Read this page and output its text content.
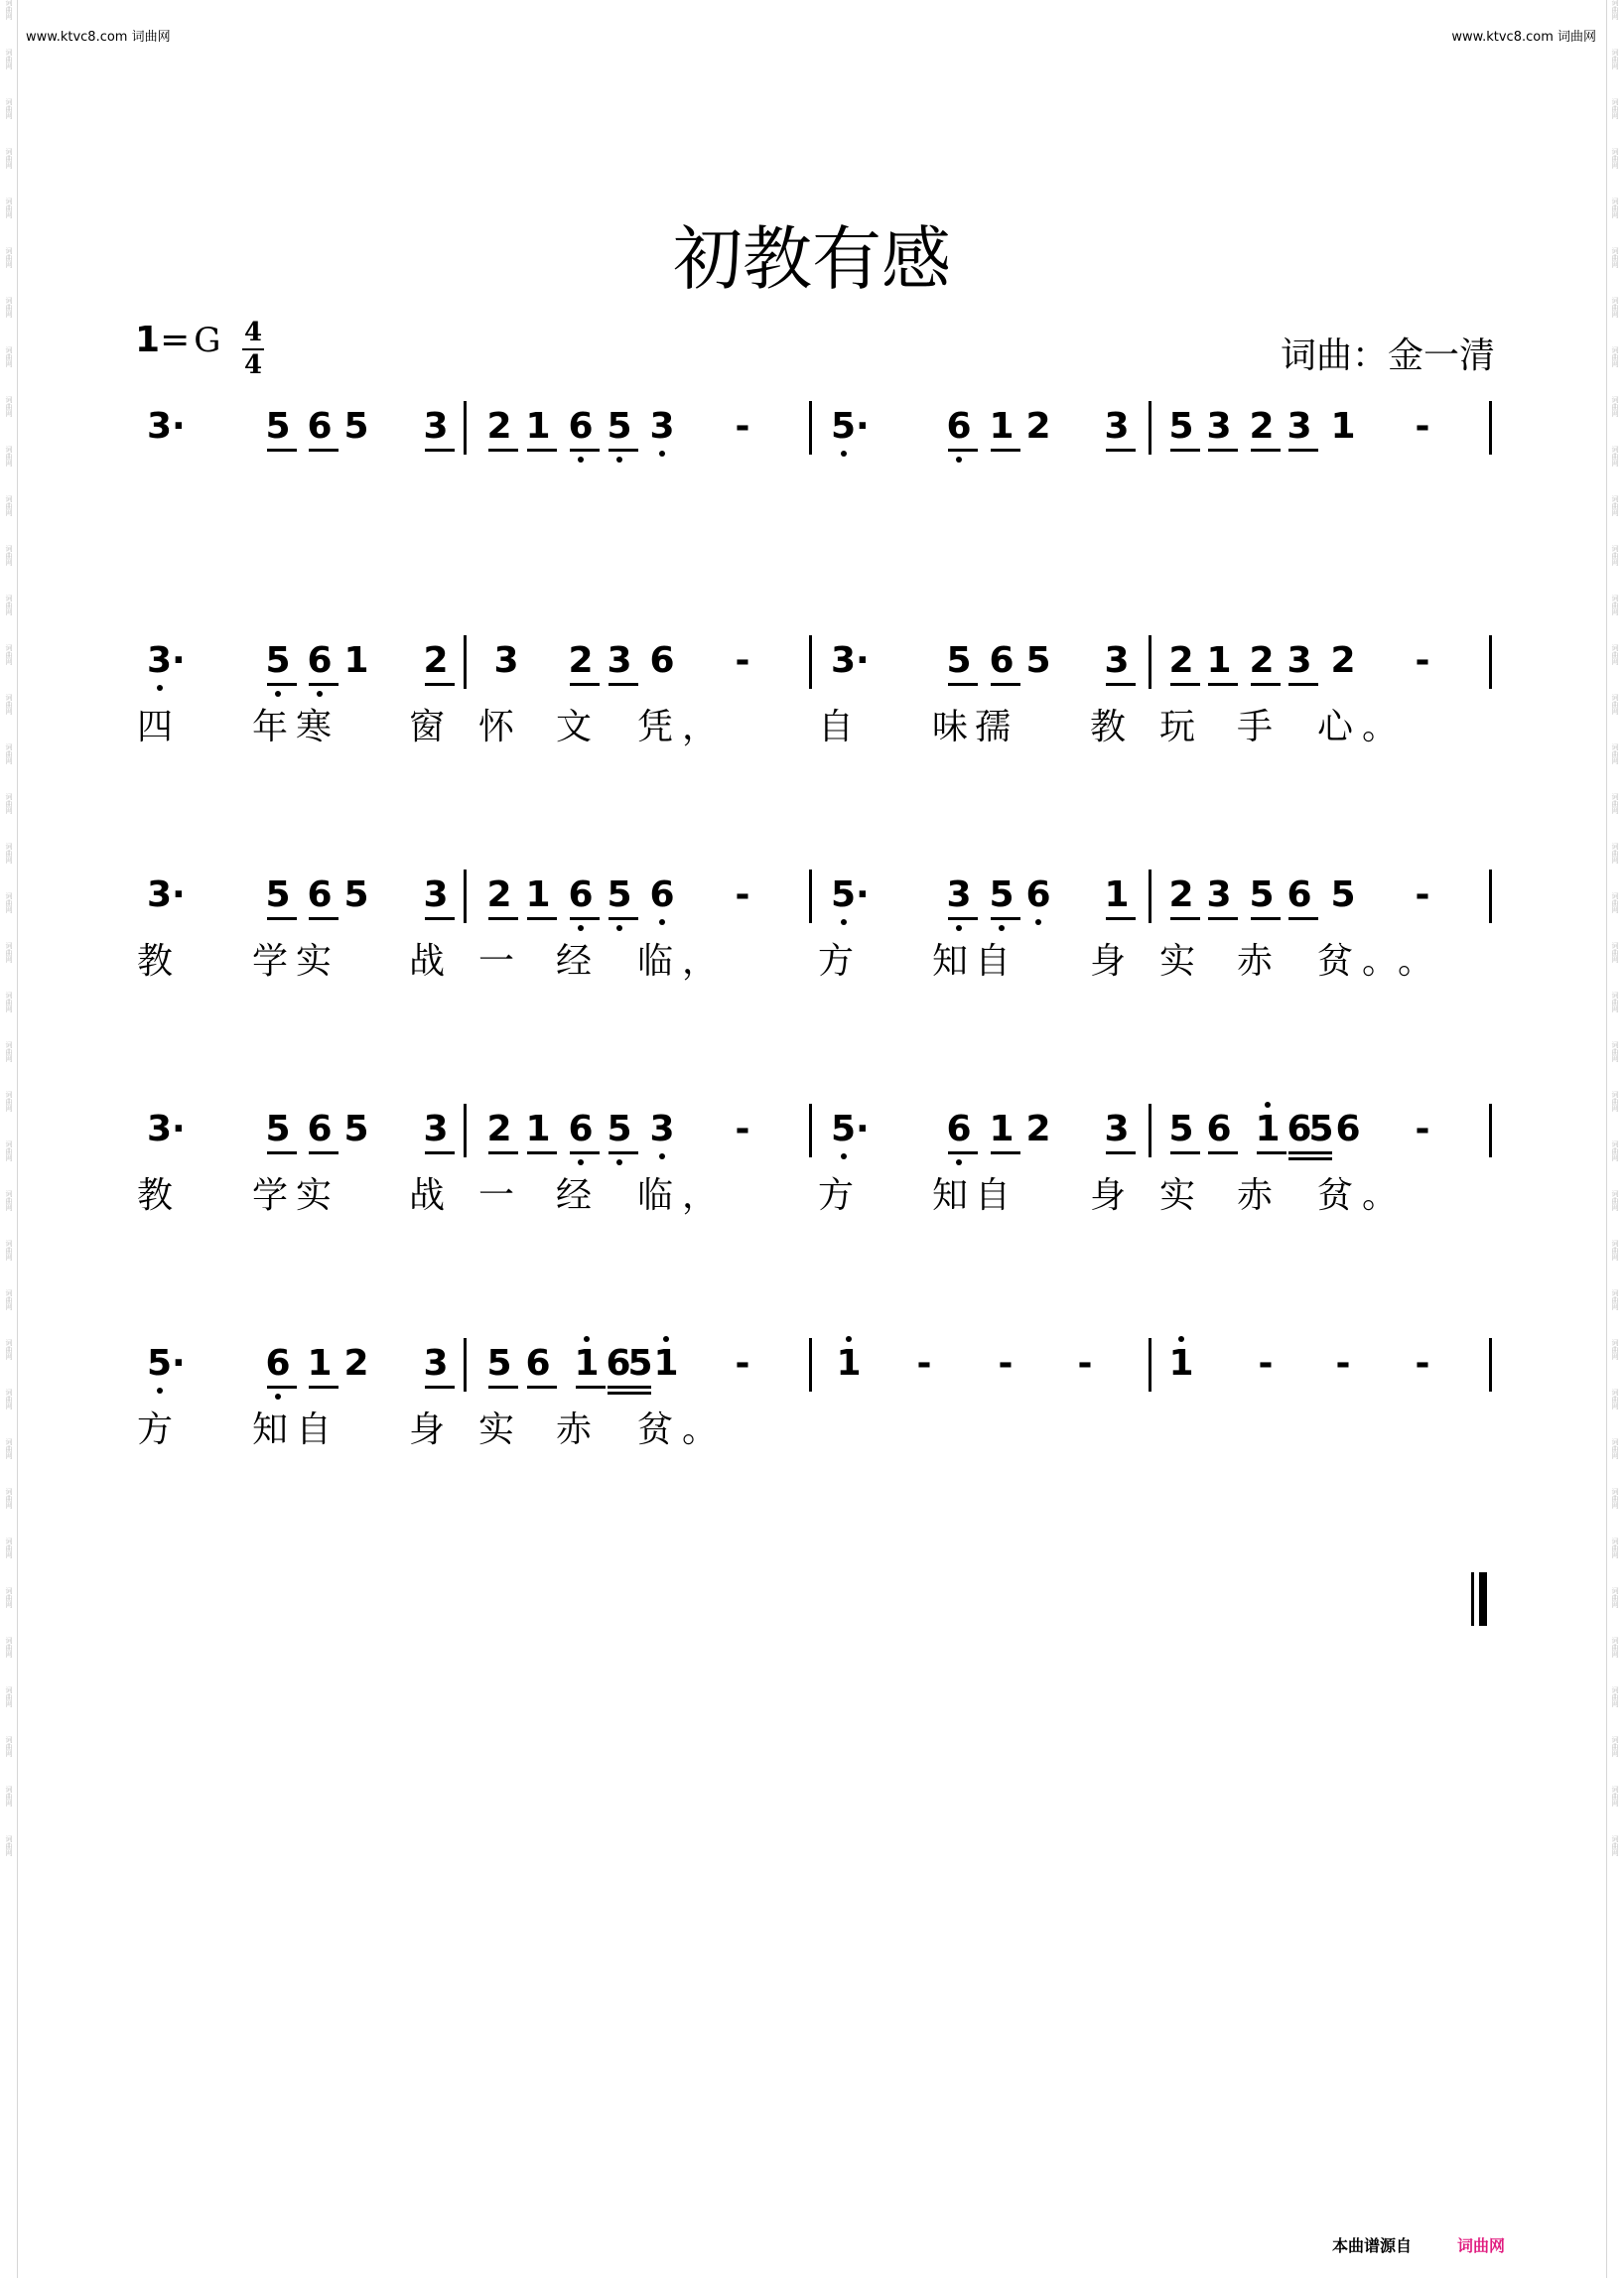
词
曲
网
词
曲
网
词
曲
网
词
曲
网
词
曲
网
词
曲
网
词
曲
网
词
曲
网
词
曲
网
词
曲
网
词
曲
网
词
曲
网
词
曲
网
词
曲
网
词
曲
网
词
曲
网
词
曲
网
词
曲
网
词
曲
网
词
曲
网
词
曲
网
词
曲
网
词
曲
网
词
曲
网
词
曲
网
词
曲
网
词
曲
网
词
曲
网
词
曲
网
词
曲
网
词
曲
网
词
曲
网
词
曲
网
词
曲
网
词
曲
网
词
曲
网
词
曲
网
词
曲
网
词
曲
网
词
曲
网
词
曲
网
词
曲
网
词
曲
网
词
曲
网
词
曲
网
词
曲
网
词
曲
网
词
曲
网
词
曲
网
词
曲
网
词
曲
网
词
曲
网
词
曲
网
词
曲
网
词
曲
网
词
曲
网
词
曲
网
词
曲
网
词
曲
网
词
曲
网
词
曲
网
词
曲
网
词
曲
网
词
曲
网
词
曲
网
词
曲
网
词
曲
网
词
曲
网
词
曲
网
词
曲
网
词
曲
网
词
曲
网
词
曲
网
词
曲
网
词
曲
网
词
曲
网
www.ktvc8.com 词曲网	www.ktvc8.com 词曲网
初教有感
1= G 4
4	词曲：金一清
3· 5 6 5 3 2 1 6 5 3 - 5· 6 1 2 3 5 3 2 3 1 -
3· 5 6 1 2 3 2 3 6 - 3· 5 6 5 3 2 1 2 3 2 -
四 年 寒 窗 怀 文 凭 ，	自 味 孺 教 玩 手 心 。
3· 5 6 5 3 2 1 6 5 6 - 5· 3 5 6 1 2 3 5 6 5 -
教 学 实 战 一 经 临 ，	方 知 自 身 实 赤 贫 。 。
3· 5 6 5 3 2 1 6 5 3 - 5· 6 1 2 3 5 6 1 6
5 6 -
教 学 实 战 一 经 临 ，	方 知 自 身 实 赤 贫 。
5· 6 1 2 3 5 6 1 6
5 1 - 1 - - - 1 - - -
方 知 自 身 实 赤 贫 。
本曲谱源自	词曲网
